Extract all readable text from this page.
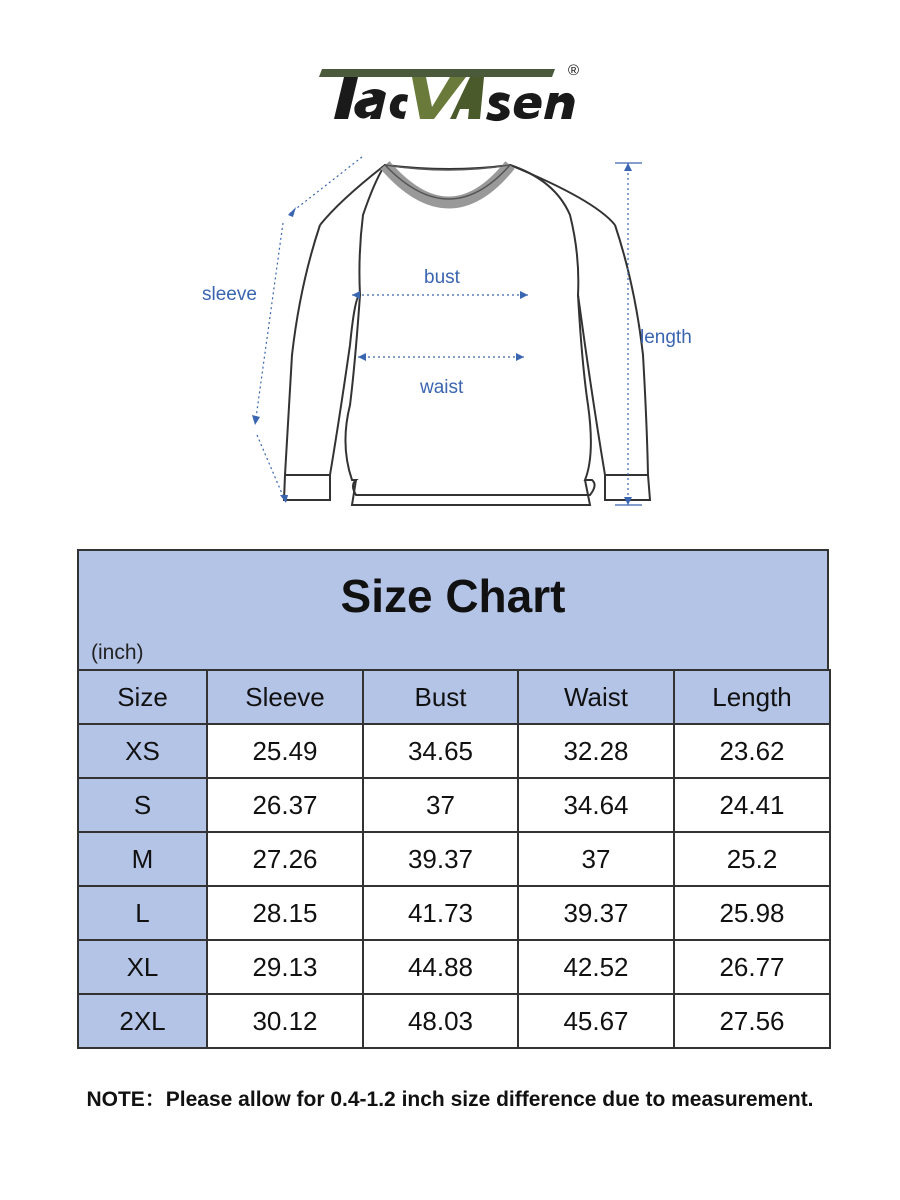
®
sleeve
bust
waist
length
Size Chart
(inch)
Size	Sleeve	Bust	Waist	Length
XS	25.49	34.65	32.28	23.62
S	26.37	37	34.64	24.41
M	27.26	39.37	37	25.2
L	28.15	41.73	39.37	25.98
XL	29.13	44.88	42.52	26.77
2XL	30.12	48.03	45.67	27.56
NOTE：Please allow for 0.4-1.2 inch size difference due to measurement.
